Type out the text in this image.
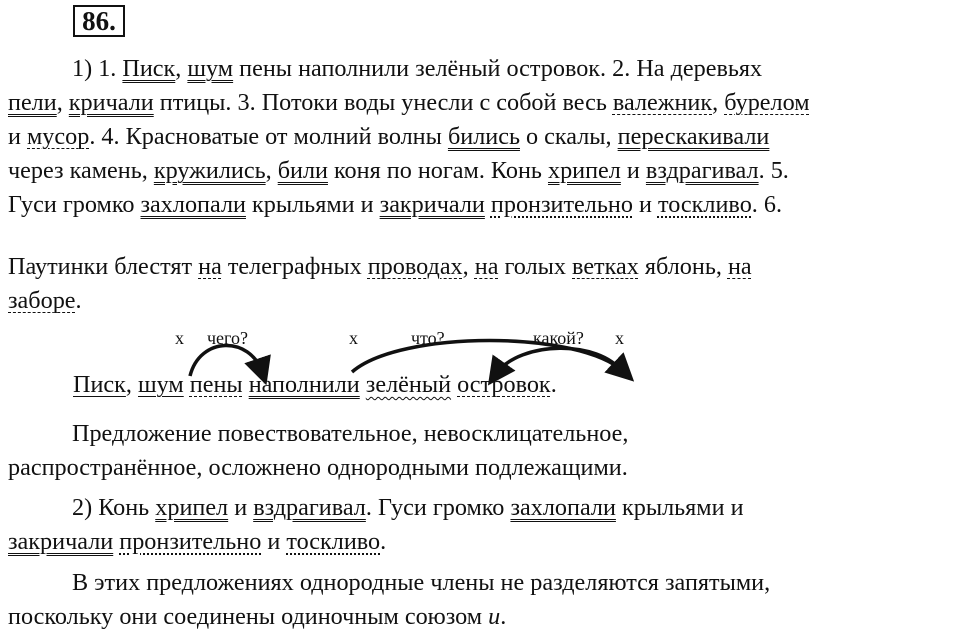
86.
1) 1. Писк, шум пены наполнили зелёный островок. 2. На деревьях
пели, кричали птицы. 3. Потоки воды унесли с собой весь валежник, бурелом
и мусор. 4. Красноватые от молний волны бились о скалы, перескакивали
через камень, кружились, били коня по ногам. Конь хрипел и вздрагивал. 5.
Гуси громко захлопали крыльями и закричали пронзительно и тоскливо. 6.
Паутинки блестят на телеграфных проводах, на голых ветках яблонь, на
заборе.
х чего?	х	что?	какой? х
Писк, шум пены наполнили зелёный островок.
Предложение повествовательное, невосклицательное,
распространённое, осложнено однородными подлежащими.
2) Конь хрипел и вздрагивал. Гуси громко захлопали крыльями и
закричали пронзительно и тоскливо.
В этих предложениях однородные члены не разделяются запятыми,
поскольку они соединены одиночным союзом и.
